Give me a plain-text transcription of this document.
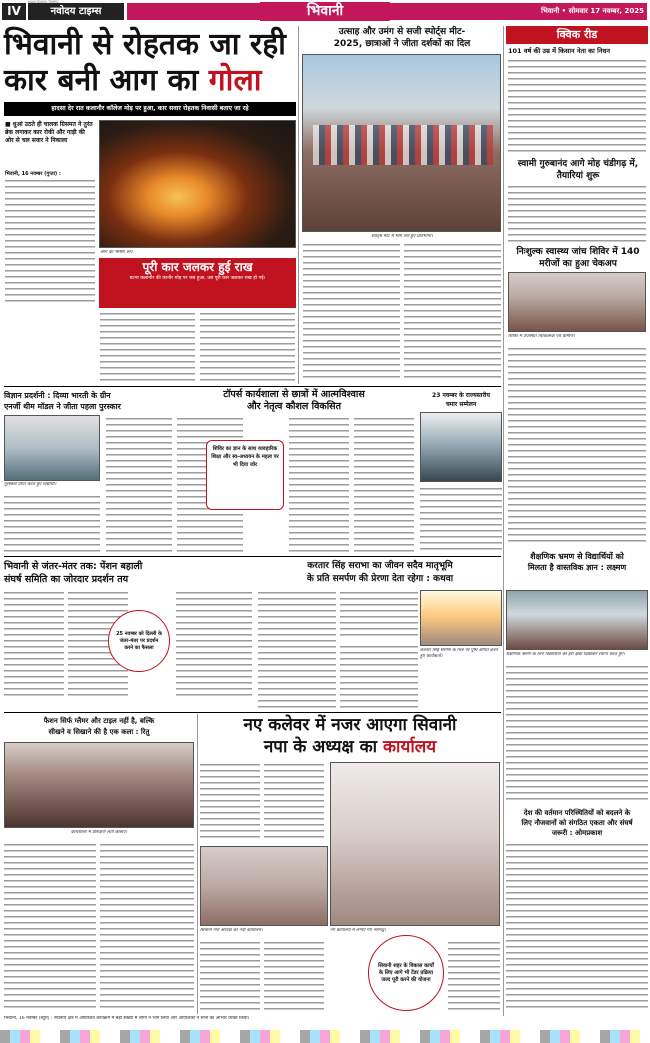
IV	नवोदय टाइम्स
NAVODAYA TIMES
भिवानी	भिवानी • सोमवार 17 नवम्बर, 2025
भिवानी से रोहतक जा रही
कार बनी आग का गोला
हादसा देर रात कलानौर कॉलेज मोड़ पर हुआ, कार सवार रोहतक निवासी बताए जा रहे
■ धुआं उठते ही चालक ग्रिसमत ने तुरंत ब्रेक लगाकर कार रोकी और गाड़ी की ओर से चल सवार ने निकाला
भिवानी, 16 नवम्बर (गुप्ता) :
आग का भीषण रूप
पूरी कार जलकर हुई राख
घटना कलानौर की कानौर मोड़ पर जब हुआ, उस पूरी कार जलकर राख हो गई।
उत्साह और उमंग से सजी स्पोर्ट्स मीट-
2025, छात्राओं ने जीता दर्शकों का दिल
स्पोर्ट्स मीट में भाग लेते हुए प्रतिभागी।
क्विक रीड
101 वर्ष की उम्र में किसान नेता का निधन
स्वामी गुरुबानंद आगे मोह चंडीगढ़ में, तैयारियां शुरू
निःशुल्क स्वास्थ्य जांच शिविर में 140 मरीजों का हुआ चेकअप
शिविर में उपस्थित चिकित्सक एवं ग्रामीण।
शैक्षणिक भ्रमण से विद्यार्थियों को
मिलता है वास्तविक ज्ञान : लक्ष्मण
शैक्षणिक भ्रमण के लिए विद्यार्थियों को हरी झंडी दिखाकर रवाना करते हुए।
विज्ञान प्रदर्शनी : दिव्या भारती के ग्रीन
एनर्जी थीम मॉडल ने जीता पहला पुरस्कार
पुरस्कार प्राप्त करते हुए विद्यार्थी।
टॉपर्स कार्यशाला से छात्रों में आत्मविश्वास
और नेतृत्व कौशल विकसित
शिविर का ज्ञान के साथ व्यवहारिक शिक्षा और स्व-अध्ययन के महत्व पर भी दिया जोर
23 नवम्बर के राज्यस्तरीय
चमार सम्मेलन
भिवानी से जंतर-मंतर तक: पेंशन बहाली
संघर्ष समिति का जोरदार प्रदर्शन तय
25 नवम्बर को दिल्ली के जंतर-मंतर पर प्रदर्शन करने का फैसला
करतार सिंह सराभा का जीवन सदैव मातृभूमि
के प्रति समर्पण की प्रेरणा देता रहेगा : कथवा
करतार सिंह सराभा के चित्र पर पुष्प अर्पित करते हुए कार्यकर्ता।
फैशन सिर्फ ग्लैमर और टाइल नहीं है, बल्कि
सीखने व सिखाने की है एक कला : रितु
कार्यशाला में प्रशिक्षण लेतीं छात्राएं।
नए कलेवर में नजर आएगा सिवानी
नपा के अध्यक्ष का कार्यालय
सिवानी नपा अध्यक्ष का नया कार्यालय।	नए कार्यालय में लगाए गए नामपट्ट।
सिवानी शहर के विकास कार्यों के लिए आगे भी टेंडर प्रक्रिया जल्द पूरी करने की योजना
देश की वर्तमान परिस्थितियों को बदलने के
लिए नौजवानों को संगठित एकता और संघर्ष
जरूरी : ओमप्रकाश
भिवानी, 16 नवम्बर (ब्यूरो) : स्थानीय क्षेत्र में आयोजित कार्यक्रम में बड़ी संख्या में लोगों ने भाग लिया और आयोजकों ने सभी का आभार व्यक्त किया।
